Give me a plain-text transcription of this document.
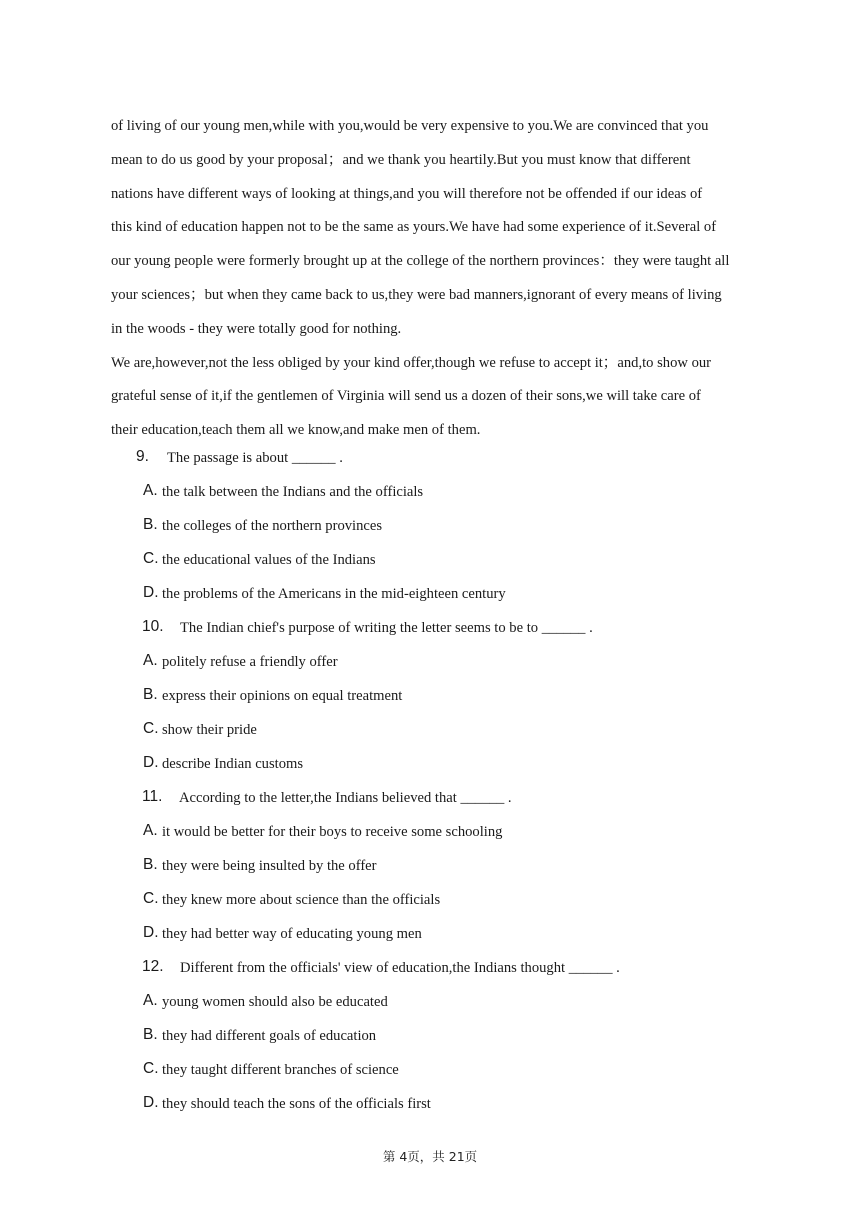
of living of our young men,while with you,would be very expensive to you.We are convinced that you
mean to do us good by your proposal；and we thank you heartily.But you must know that different
nations have different ways of looking at things,and you will therefore not be offended if our ideas of
this kind of education happen not to be the same as yours.We have had some experience of it.Several of
our young people were formerly brought up at the college of the northern provinces：they were taught all
your sciences；but when they came back to us,they were bad manners,ignorant of every means of living
in the woods - they were totally good for nothing.
We are,however,not the less obliged by your kind offer,though we refuse to accept it；and,to show our
grateful sense of it,if the gentlemen of Virginia will send us a dozen of their sons,we will take care of
their education,teach them all we know,and make men of them.
9. The passage is about ______ .
A. the talk between the Indians and the officials
B. the colleges of the northern provinces
C. the educational values of the Indians
D. the problems of the Americans in the mid-eighteen century
10. The Indian chief's purpose of writing the letter seems to be to ______ .
A. politely refuse a friendly offer
B. express their opinions on equal treatment
C. show their pride
D. describe Indian customs
11. According to the letter,the Indians believed that ______ .
A. it would be better for their boys to receive some schooling
B. they were being insulted by the offer
C. they knew more about science than the officials
D. they had better way of educating young men
12. Different from the officials' view of education,the Indians thought ______ .
A. young women should also be educated
B. they had different goals of education
C. they taught different branches of science
D. they should teach the sons of the officials first
第 4页，共 21页
